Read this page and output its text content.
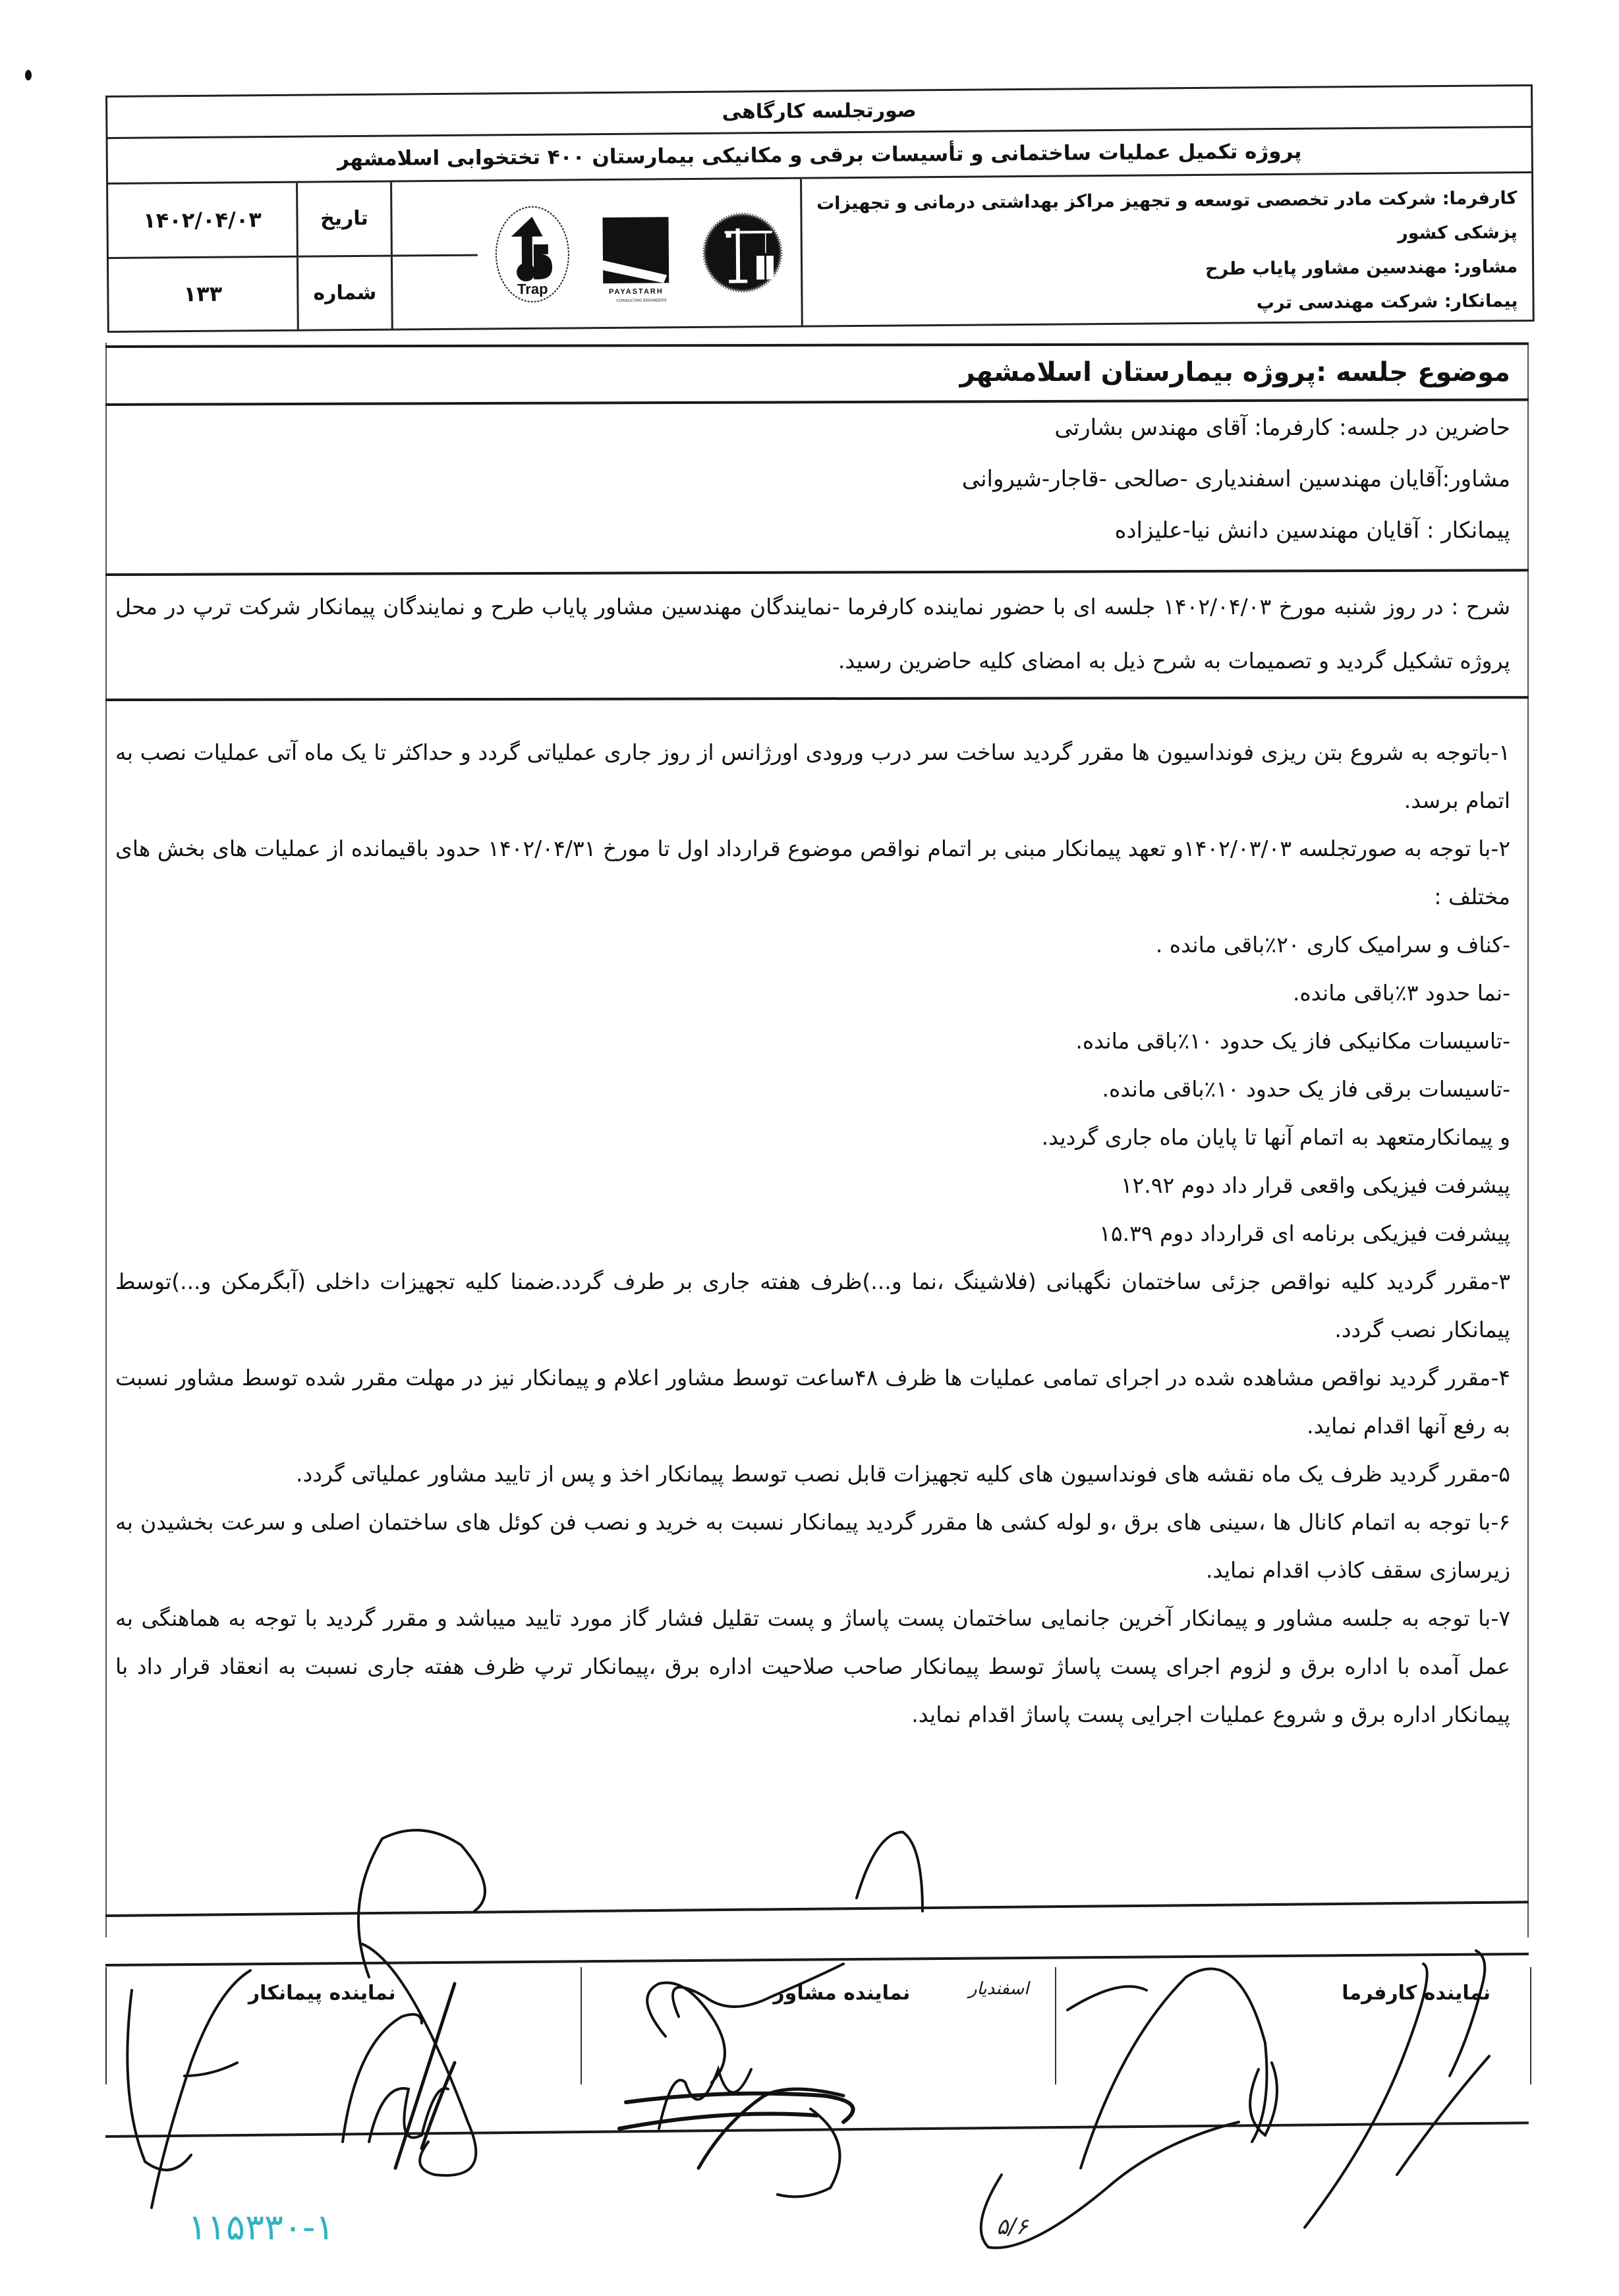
صورتجلسه کارگاهی
پروژه تکمیل عملیات ساختمانی و تأسیسات برقی و مکانیکی بیمارستان ۴۰۰ تختخوابی اسلامشهر
۱۴۰۲/۰۴/۰۳	تاریخ
۱۳۳	شماره	Trap	PAYASTARH
CONSULTING ENGINEERS
کارفرما: شرکت مادر تخصصی توسعه و تجهیز مراکز بهداشتی درمانی و تجهیزات پزشکی کشور
مشاور: مهندسین مشاور پایاب طرح
پیمانکار: شرکت مهندسی ترپ
موضوع جلسه :پروژه بیمارستان اسلامشهر
حاضرین در جلسه: کارفرما: آقای مهندس بشارتی
مشاور:آقایان مهندسین اسفندیاری -صالحی -قاجار-شیروانی
پیمانکار : آقایان مهندسین دانش نیا-علیزاده
شرح : در روز شنبه مورخ ۱۴۰۲/۰۴/۰۳ جلسه ای با حضور نماینده کارفرما -نمایندگان مهندسین مشاور پایاب طرح و نمایندگان پیمانکار شرکت ترپ در محل پروژه تشکیل گردید و تصمیمات به شرح ذیل به امضای کلیه حاضرین رسید.

۱-باتوجه به شروع بتن ریزی فونداسیون ها مقرر گردید ساخت سر درب ورودی اورژانس از روز جاری عملیاتی گردد و حداکثر تا یک ماه آتی عملیات نصب به اتمام برسد.

۲-با توجه به صورتجلسه ۱۴۰۲/۰۳/۰۳و تعهد پیمانکار مبنی بر اتمام نواقص موضوع قرارداد اول تا مورخ ۱۴۰۲/۰۴/۳۱ حدود باقیمانده از عملیات های بخش های مختلف :

-کناف و سرامیک کاری ۲۰٪باقی مانده .

-نما حدود ۳٪باقی مانده.

-تاسیسات مکانیکی فاز یک حدود ۱۰٪باقی مانده.

-تاسیسات برقی فاز یک حدود ۱۰٪باقی مانده.

و پیمانکارمتعهد به اتمام آنها تا پایان ماه جاری گردید.

پیشرفت فیزیکی واقعی قرار داد دوم ۱۲.۹۲

پیشرفت فیزیکی برنامه ای قرارداد دوم ۱۵.۳۹

۳-مقرر گردید کلیه نواقص جزئی ساختمان نگهبانی (فلاشینگ ،نما و...)ظرف هفته جاری بر طرف گردد.ضمنا کلیه تجهیزات داخلی (آبگرمکن و...)توسط پیمانکار نصب گردد.

۴-مقرر گردید نواقص مشاهده شده در اجرای تمامی عملیات ها ظرف ۴۸ساعت توسط مشاور اعلام و پیمانکار نیز در مهلت مقرر شده توسط مشاور نسبت به رفع آنها اقدام نماید.

۵-مقرر گردید ظرف یک ماه نقشه های فونداسیون های کلیه تجهیزات قابل نصب توسط پیمانکار اخذ و پس از تایید مشاور عملیاتی گردد.

۶-با توجه به اتمام کانال ها ،سینی های برق ،و لوله کشی ها مقرر گردید پیمانکار نسبت به خرید و نصب فن کوئل های ساختمان اصلی و سرعت بخشیدن به زیرسازی سقف کاذب اقدام نماید.

۷-با توجه به جلسه مشاور و پیمانکار آخرین جانمایی ساختمان پست پاساژ و پست تقلیل فشار گاز مورد تایید میباشد و مقرر گردید با توجه به هماهنگی به عمل آمده با اداره برق و لزوم اجرای پست پاساژ توسط پیمانکار صاحب صلاحیت اداره برق ،پیمانکار ترپ ظرف هفته جاری نسبت به انعقاد قرار داد با پیمانکار اداره برق و شروع عملیات اجرایی پست پاساژ اقدام نماید.

نماینده کارفرما
نماینده مشاور	اسفندیار
نماینده پیمانکار
۵/۶
۱۱۵۳۳۰-۱
